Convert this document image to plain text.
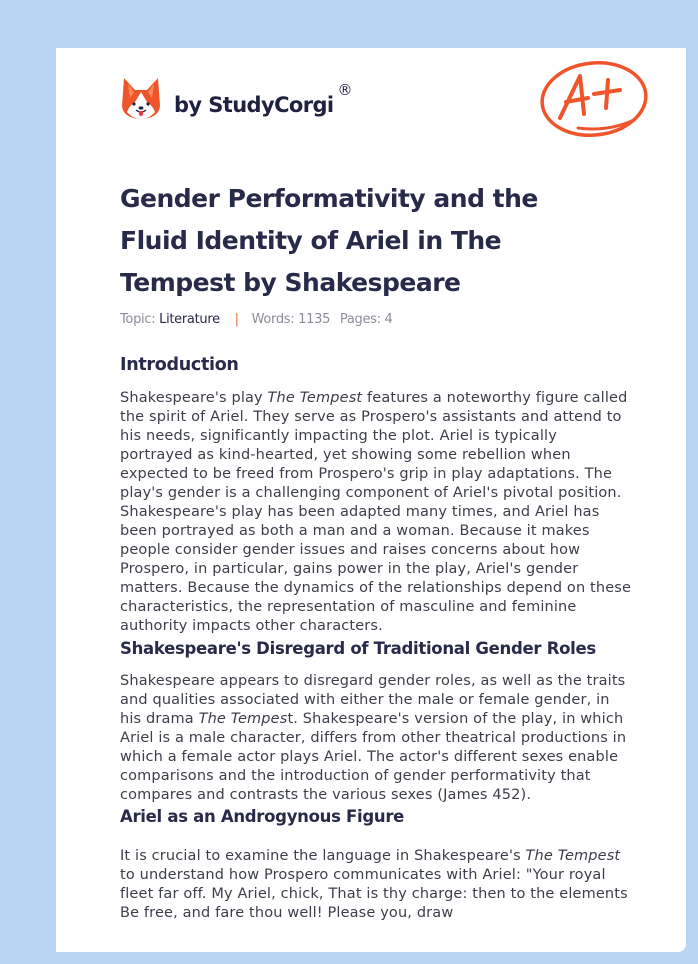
by StudyCorgi
®
Gender Performativity and the Fluid Identity of Ariel in The Tempest by Shakespeare
Topic: Literature | Words: 1135 Pages: 4
Introduction

Shakespeare's play The Tempest features a noteworthy figure called the spirit of Ariel. They serve as Prospero's assistants and attend to his needs, significantly impacting the plot. Ariel is typically portrayed as kind-hearted, yet showing some rebellion when expected to be freed from Prospero's grip in play adaptations. The play's gender is a challenging component of Ariel's pivotal position. Shakespeare's play has been adapted many times, and Ariel has been portrayed as both a man and a woman. Because it makes people consider gender issues and raises concerns about how Prospero, in particular, gains power in the play, Ariel's gender matters. Because the dynamics of the relationships depend on these characteristics, the representation of masculine and feminine authority impacts other characters.

Shakespeare's Disregard of Traditional Gender Roles

Shakespeare appears to disregard gender roles, as well as the traits and qualities associated with either the male or female gender, in his drama The Tempest. Shakespeare's version of the play, in which Ariel is a male character, differs from other theatrical productions in which a female actor plays Ariel. The actor's different sexes enable comparisons and the introduction of gender performativity that compares and contrasts the various sexes (James 452).

Ariel as an Androgynous Figure

It is crucial to examine the language in Shakespeare's The Tempest to understand how Prospero communicates with Ariel: "Your royal fleet far off. My Ariel, chick, That is thy charge: then to the elements Be free, and fare thou well! Please you, draw
